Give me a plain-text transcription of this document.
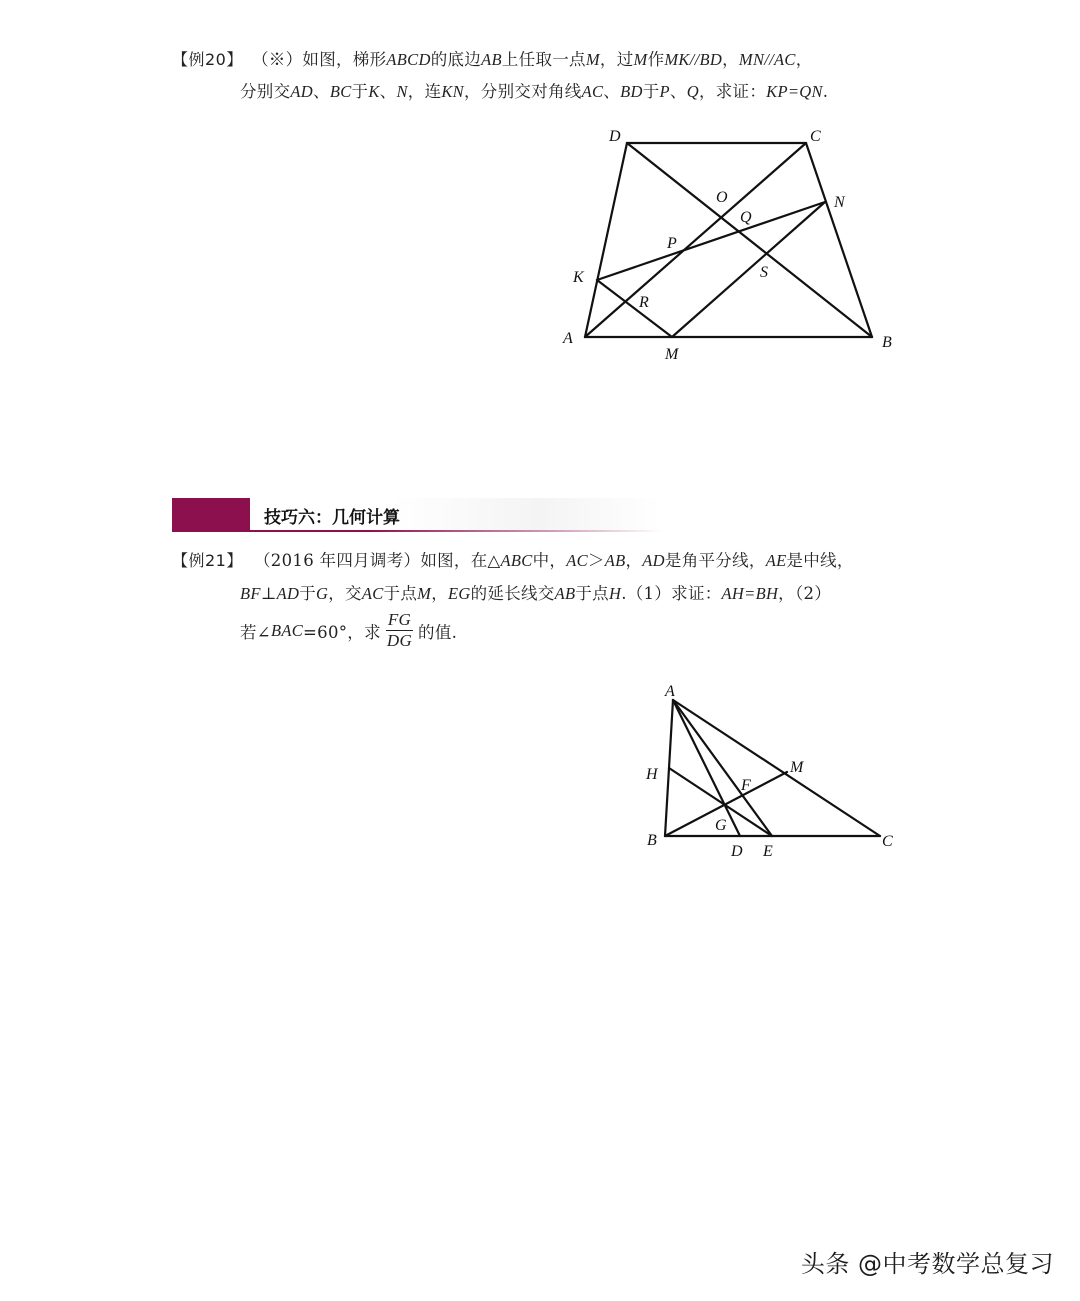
【例20】 （※）如图，梯形ABCD的底边AB上任取一点M，过M作MK//BD，MN//AC，
分别交AD、BC于K、N，连KN，分别交对角线AC、BD于P、Q，求证：KP=QN.
D	C
O
Q
N
P
S
K
R
A
M
B
技巧六：几何计算
【例21】 （2016 年四月调考）如图，在△ABC中，AC＞AB，AD是角平分线，AE是中线，
BF⊥AD于G，交AC于点M，EG的延长线交AB于点H.（1）求证：AH=BH，（2）
若∠ BAC =60°，求 $\frac{FG}{DG}$ 的值.
A
H	M
F
G
B
D E
C
头条 @中考数学总复习
